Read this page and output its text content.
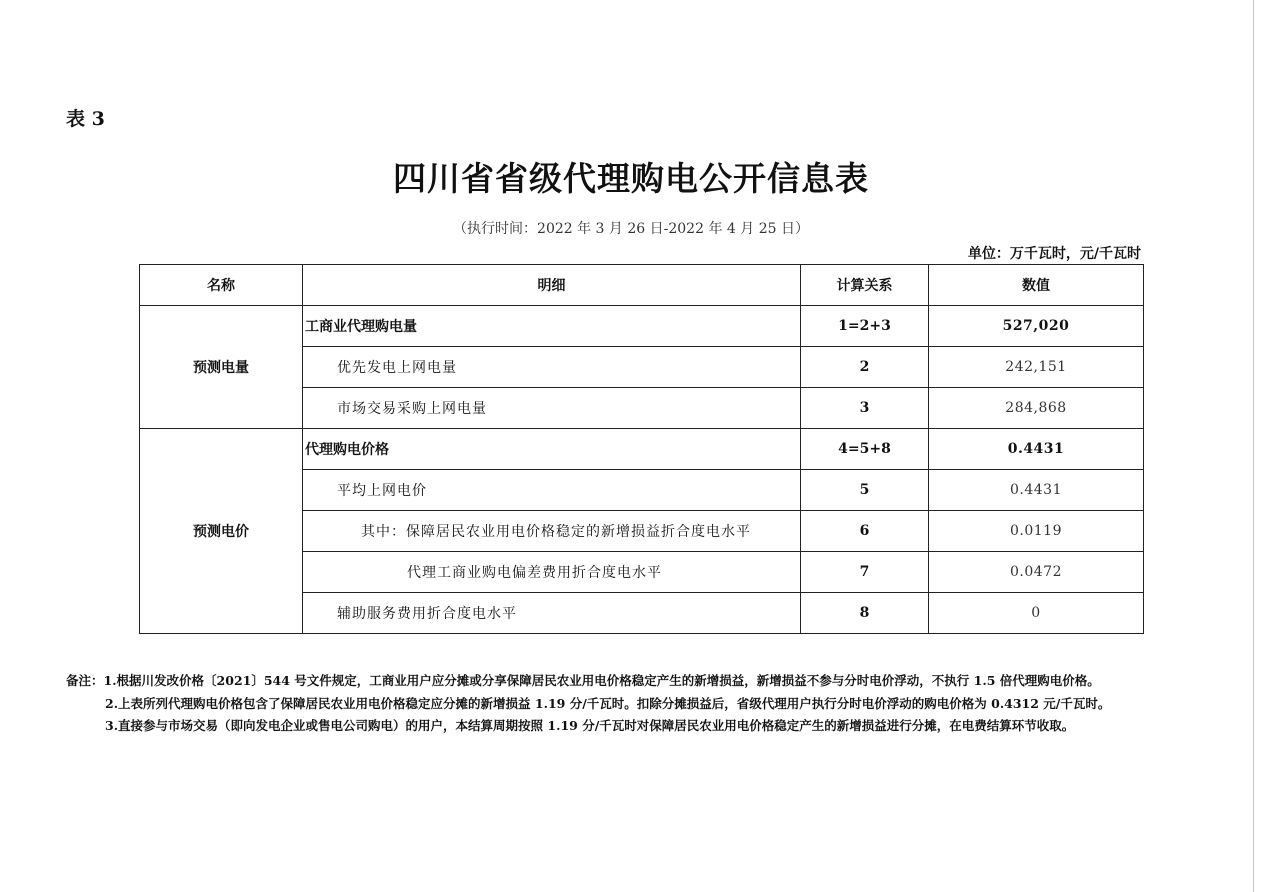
表 3
四川省省级代理购电公开信息表
（执行时间：2022 年 3 月 26 日-2022 年 4 月 25 日）
单位：万千瓦时，元/千瓦时
名称	明细	计算关系	数值
预测电量	工商业代理购电量	1=2+3	527,020
	优先发电上网电量	2	242,151
	市场交易采购上网电量	3	284,868
预测电价	代理购电价格	4=5+8	0.4431
	平均上网电价	5	0.4431
	其中：保障居民农业用电价格稳定的新增损益折合度电水平	6	0.0119
	代理工商业购电偏差费用折合度电水平	7	0.0472
	辅助服务费用折合度电水平	8	0
备注：1.根据川发改价格〔2021〕544 号文件规定，工商业用户应分摊或分享保障居民农业用电价格稳定产生的新增损益，新增损益不参与分时电价浮动，不执行 1.5 倍代理购电价格。
2.上表所列代理购电价格包含了保障居民农业用电价格稳定应分摊的新增损益 1.19 分/千瓦时。扣除分摊损益后，省级代理用户执行分时电价浮动的购电价格为 0.4312 元/千瓦时。
3.直接参与市场交易（即向发电企业或售电公司购电）的用户，本结算周期按照 1.19 分/千瓦时对保障居民农业用电价格稳定产生的新增损益进行分摊，在电费结算环节收取。
